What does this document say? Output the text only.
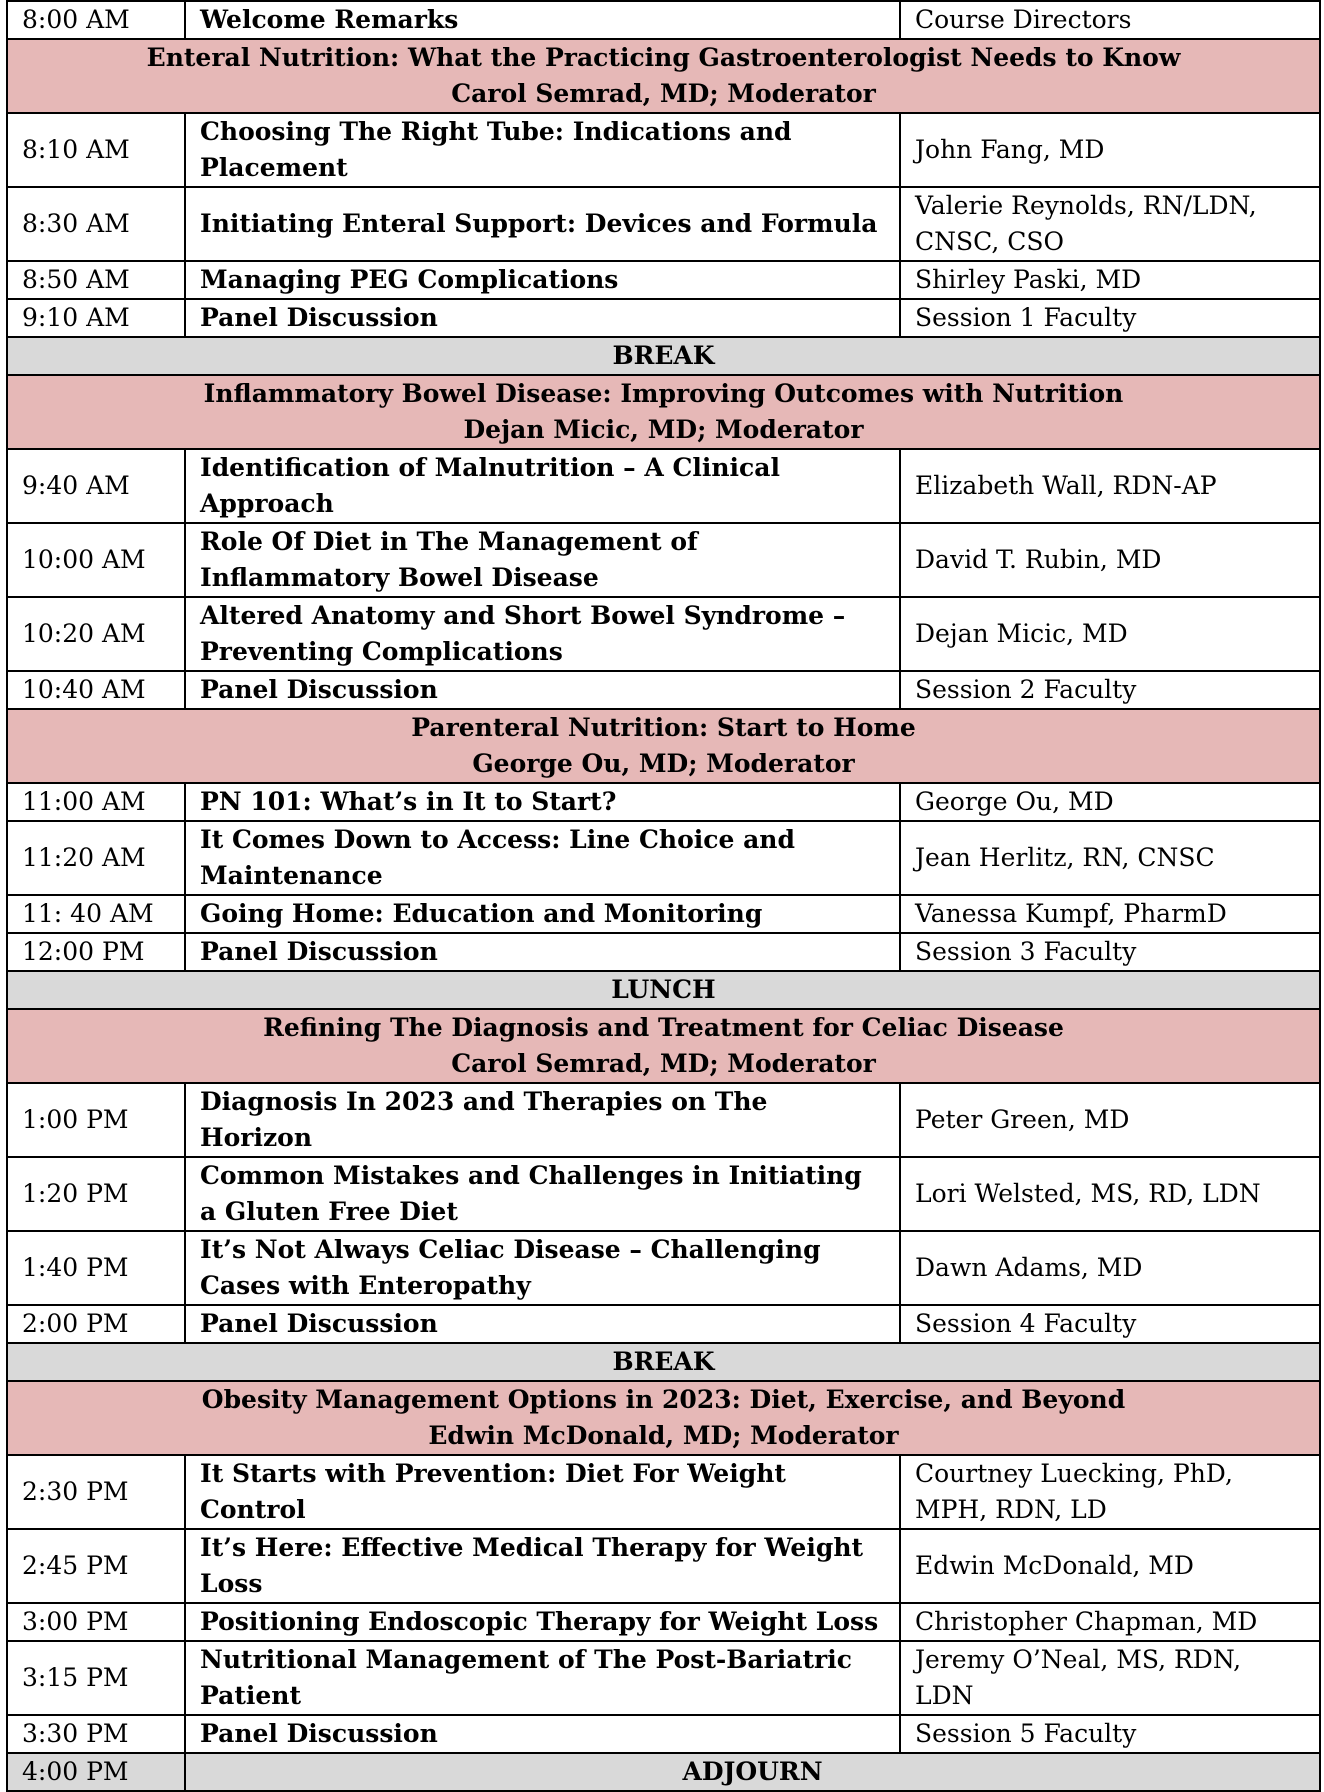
8:00 AM	Welcome Remarks	Course Directors

Enteral Nutrition: What the Practicing Gastroenterologist Needs to Know
Carol Semrad, MD; Moderator		

8:10 AM	Choosing The Right Tube: Indications and Placement	John Fang, MD
8:30 AM	Initiating Enteral Support: Devices and Formula	Valerie Reynolds, RN/LDN, CNSC, CSO
8:50 AM	Managing PEG Complications	Shirley Paski, MD
9:10 AM	Panel Discussion	Session 1 Faculty
BREAK		

Inflammatory Bowel Disease: Improving Outcomes with Nutrition
Dejan Micic, MD; Moderator		

9:40 AM	Identification of Malnutrition – A Clinical Approach	Elizabeth Wall, RDN-AP
10:00 AM	Role Of Diet in The Management of Inflammatory Bowel Disease	David T. Rubin, MD
10:20 AM	Altered Anatomy and Short Bowel Syndrome – Preventing Complications	Dejan Micic, MD
10:40 AM	Panel Discussion	Session 2 Faculty

Parenteral Nutrition: Start to Home
George Ou, MD; Moderator		

11:00 AM	PN 101: What’s in It to Start?	George Ou, MD
11:20 AM	It Comes Down to Access: Line Choice and Maintenance	Jean Herlitz, RN, CNSC
11: 40 AM	Going Home: Education and Monitoring	Vanessa Kumpf, PharmD
12:00 PM	Panel Discussion	Session 3 Faculty
LUNCH		

Refining The Diagnosis and Treatment for Celiac Disease
Carol Semrad, MD; Moderator		

1:00 PM	Diagnosis In 2023 and Therapies on The Horizon	Peter Green, MD
1:20 PM	Common Mistakes and Challenges in Initiating a Gluten Free Diet	Lori Welsted, MS, RD, LDN
1:40 PM	It’s Not Always Celiac Disease – Challenging Cases with Enteropathy	Dawn Adams, MD
2:00 PM	Panel Discussion	Session 4 Faculty
BREAK		

Obesity Management Options in 2023: Diet, Exercise, and Beyond
Edwin McDonald, MD; Moderator		

2:30 PM	It Starts with Prevention: Diet For Weight Control	Courtney Luecking, PhD, MPH, RDN, LD
2:45 PM	It’s Here: Effective Medical Therapy for Weight Loss	Edwin McDonald, MD
3:00 PM	Positioning Endoscopic Therapy for Weight Loss	Christopher Chapman, MD
3:15 PM	Nutritional Management of The Post-Bariatric Patient	Jeremy O’Neal, MS, RDN, LDN
3:30 PM	Panel Discussion	Session 5 Faculty
4:00 PM	ADJOURN	
